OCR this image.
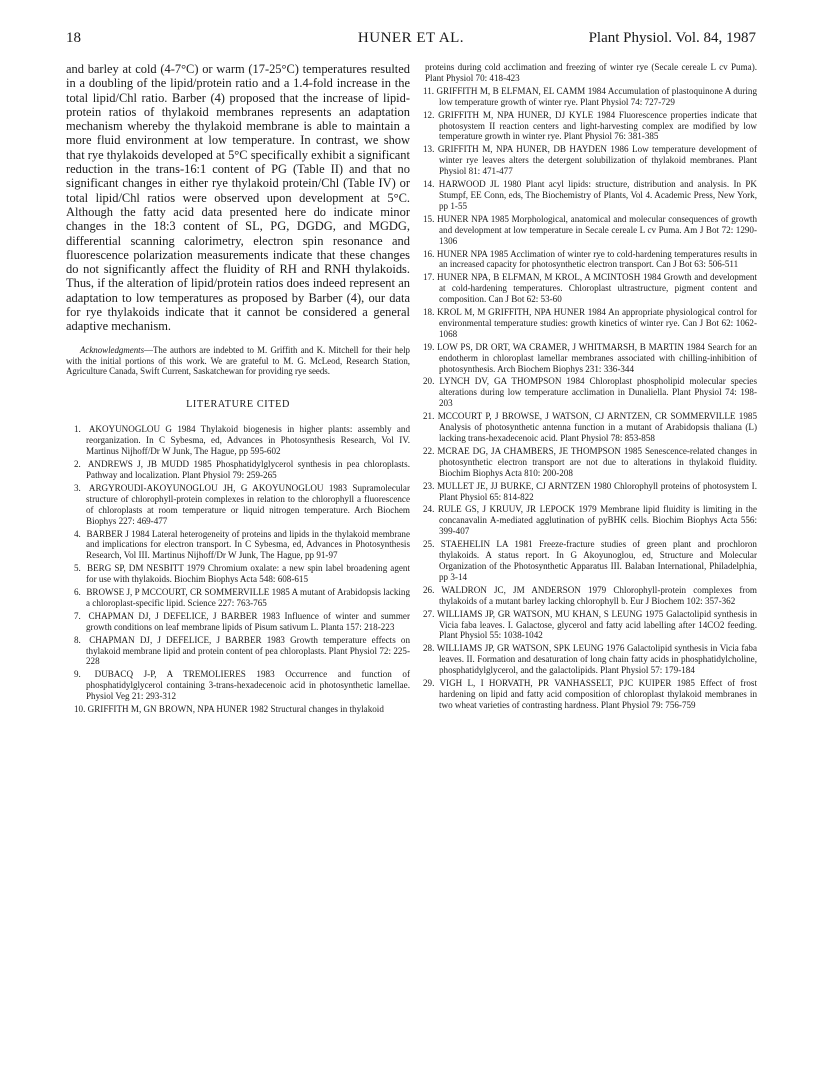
18	HUNER ET AL.	Plant Physiol. Vol. 84, 1987

and barley at cold (4-7°C) or warm (17-25°C) temperatures resulted in a doubling of the lipid/protein ratio and a 1.4-fold increase in the total lipid/Chl ratio. Barber (4) proposed that the increase of lipid-protein ratios of thylakoid membranes represents an adaptation mechanism whereby the thylakoid membrane is able to maintain a more fluid environment at low temperature. In contrast, we show that rye thylakoids developed at 5°C specifically exhibit a significant reduction in the trans-16:1 content of PG (Table II) and that no significant changes in either rye thylakoid protein/Chl (Table IV) or total lipid/Chl ratios were observed upon development at 5°C. Although the fatty acid data presented here do indicate minor changes in the 18:3 content of SL, PG, DGDG, and MGDG, differential scanning calorimetry, electron spin resonance and fluorescence polarization measurements indicate that these changes do not significantly affect the fluidity of RH and RNH thylakoids. Thus, if the alteration of lipid/protein ratios does indeed represent an adaptation to low temperatures as proposed by Barber (4), our data for rye thylakoids indicate that it cannot be considered a general adaptive mechanism.

Acknowledgments—The authors are indebted to M. Griffith and K. Mitchell for their help with the initial portions of this work. We are grateful to M. G. McLeod, Research Station, Agriculture Canada, Swift Current, Saskatchewan for providing rye seeds.

LITERATURE CITED
1. AKOYUNOGLOU G 1984 Thylakoid biogenesis in higher plants: assembly and reorganization. In C Sybesma, ed, Advances in Photosynthesis Research, Vol IV. Martinus Nijhoff/Dr W Junk, The Hague, pp 595-602
2. ANDREWS J, JB MUDD 1985 Phosphatidylglycerol synthesis in pea chloroplasts. Pathway and localization. Plant Physiol 79: 259-265
3. ARGYROUDI-AKOYUNOGLOU JH, G AKOYUNOGLOU 1983 Supramolecular structure of chlorophyll-protein complexes in relation to the chlorophyll a fluorescence of chloroplasts at room temperature or liquid nitrogen temperature. Arch Biochem Biophys 227: 469-477
4. BARBER J 1984 Lateral heterogeneity of proteins and lipids in the thylakoid membrane and implications for electron transport. In C Sybesma, ed, Advances in Photosynthesis Research, Vol III. Martinus Nijhoff/Dr W Junk, The Hague, pp 91-97
5. BERG SP, DM NESBITT 1979 Chromium oxalate: a new spin label broadening agent for use with thylakoids. Biochim Biophys Acta 548: 608-615
6. BROWSE J, P MCCOURT, CR SOMMERVILLE 1985 A mutant of Arabidopsis lacking a chloroplast-specific lipid. Science 227: 763-765
7. CHAPMAN DJ, J DEFELICE, J BARBER 1983 Influence of winter and summer growth conditions on leaf membrane lipids of Pisum sativum L. Planta 157: 218-223
8. CHAPMAN DJ, J DEFELICE, J BARBER 1983 Growth temperature effects on thylakoid membrane lipid and protein content of pea chloroplasts. Plant Physiol 72: 225-228
9. DUBACQ J-P, A TREMOLIERES 1983 Occurrence and function of phosphatidylglycerol containing 3-trans-hexadecenoic acid in photosynthetic lamellae. Physiol Veg 21: 293-312
10. GRIFFITH M, GN BROWN, NPA HUNER 1982 Structural changes in thylakoid
proteins during cold acclimation and freezing of winter rye (Secale cereale L cv Puma). Plant Physiol 70: 418-423
11. GRIFFITH M, B ELFMAN, EL CAMM 1984 Accumulation of plastoquinone A during low temperature growth of winter rye. Plant Physiol 74: 727-729
12. GRIFFITH M, NPA HUNER, DJ KYLE 1984 Fluorescence properties indicate that photosystem II reaction centers and light-harvesting complex are modified by low temperature growth in winter rye. Plant Physiol 76: 381-385
13. GRIFFITH M, NPA HUNER, DB HAYDEN 1986 Low temperature development of winter rye leaves alters the detergent solubilization of thylakoid membranes. Plant Physiol 81: 471-477
14. HARWOOD JL 1980 Plant acyl lipids: structure, distribution and analysis. In PK Stumpf, EE Conn, eds, The Biochemistry of Plants, Vol 4. Academic Press, New York, pp 1-55
15. HUNER NPA 1985 Morphological, anatomical and molecular consequences of growth and development at low temperature in Secale cereale L cv Puma. Am J Bot 72: 1290-1306
16. HUNER NPA 1985 Acclimation of winter rye to cold-hardening temperatures results in an increased capacity for photosynthetic electron transport. Can J Bot 63: 506-511
17. HUNER NPA, B ELFMAN, M KROL, A MCINTOSH 1984 Growth and development at cold-hardening temperatures. Chloroplast ultrastructure, pigment content and composition. Can J Bot 62: 53-60
18. KROL M, M GRIFFITH, NPA HUNER 1984 An appropriate physiological control for environmental temperature studies: growth kinetics of winter rye. Can J Bot 62: 1062-1068
19. LOW PS, DR ORT, WA CRAMER, J WHITMARSH, B MARTIN 1984 Search for an endotherm in chloroplast lamellar membranes associated with chilling-inhibition of photosynthesis. Arch Biochem Biophys 231: 336-344
20. LYNCH DV, GA THOMPSON 1984 Chloroplast phospholipid molecular species alterations during low temperature acclimation in Dunaliella. Plant Physiol 74: 198-203
21. MCCOURT P, J BROWSE, J WATSON, CJ ARNTZEN, CR SOMMERVILLE 1985 Analysis of photosynthetic antenna function in a mutant of Arabidopsis thaliana (L) lacking trans-hexadecenoic acid. Plant Physiol 78: 853-858
22. MCRAE DG, JA CHAMBERS, JE THOMPSON 1985 Senescence-related changes in photosynthetic electron transport are not due to alterations in thylakoid fluidity. Biochim Biophys Acta 810: 200-208
23. MULLET JE, JJ BURKE, CJ ARNTZEN 1980 Chlorophyll proteins of photosystem I. Plant Physiol 65: 814-822
24. RULE GS, J KRUUV, JR LEPOCK 1979 Membrane lipid fluidity is limiting in the concanavalin A-mediated agglutination of pyBHK cells. Biochim Biophys Acta 556: 399-407
25. STAEHELIN LA 1981 Freeze-fracture studies of green plant and prochloron thylakoids. A status report. In G Akoyunoglou, ed, Structure and Molecular Organization of the Photosynthetic Apparatus III. Balaban International, Philadelphia, pp 3-14
26. WALDRON JC, JM ANDERSON 1979 Chlorophyll-protein complexes from thylakoids of a mutant barley lacking chlorophyll b. Eur J Biochem 102: 357-362
27. WILLIAMS JP, GR WATSON, MU KHAN, S LEUNG 1975 Galactolipid synthesis in Vicia faba leaves. I. Galactose, glycerol and fatty acid labelling after 14CO2 feeding. Plant Physiol 55: 1038-1042
28. WILLIAMS JP, GR WATSON, SPK LEUNG 1976 Galactolipid synthesis in Vicia faba leaves. II. Formation and desaturation of long chain fatty acids in phosphatidylcholine, phosphatidylglycerol, and the galactolipids. Plant Physiol 57: 179-184
29. VIGH L, I HORVATH, PR VANHASSELT, PJC KUIPER 1985 Effect of frost hardening on lipid and fatty acid composition of chloroplast thylakoid membranes in two wheat varieties of contrasting hardness. Plant Physiol 79: 756-759
